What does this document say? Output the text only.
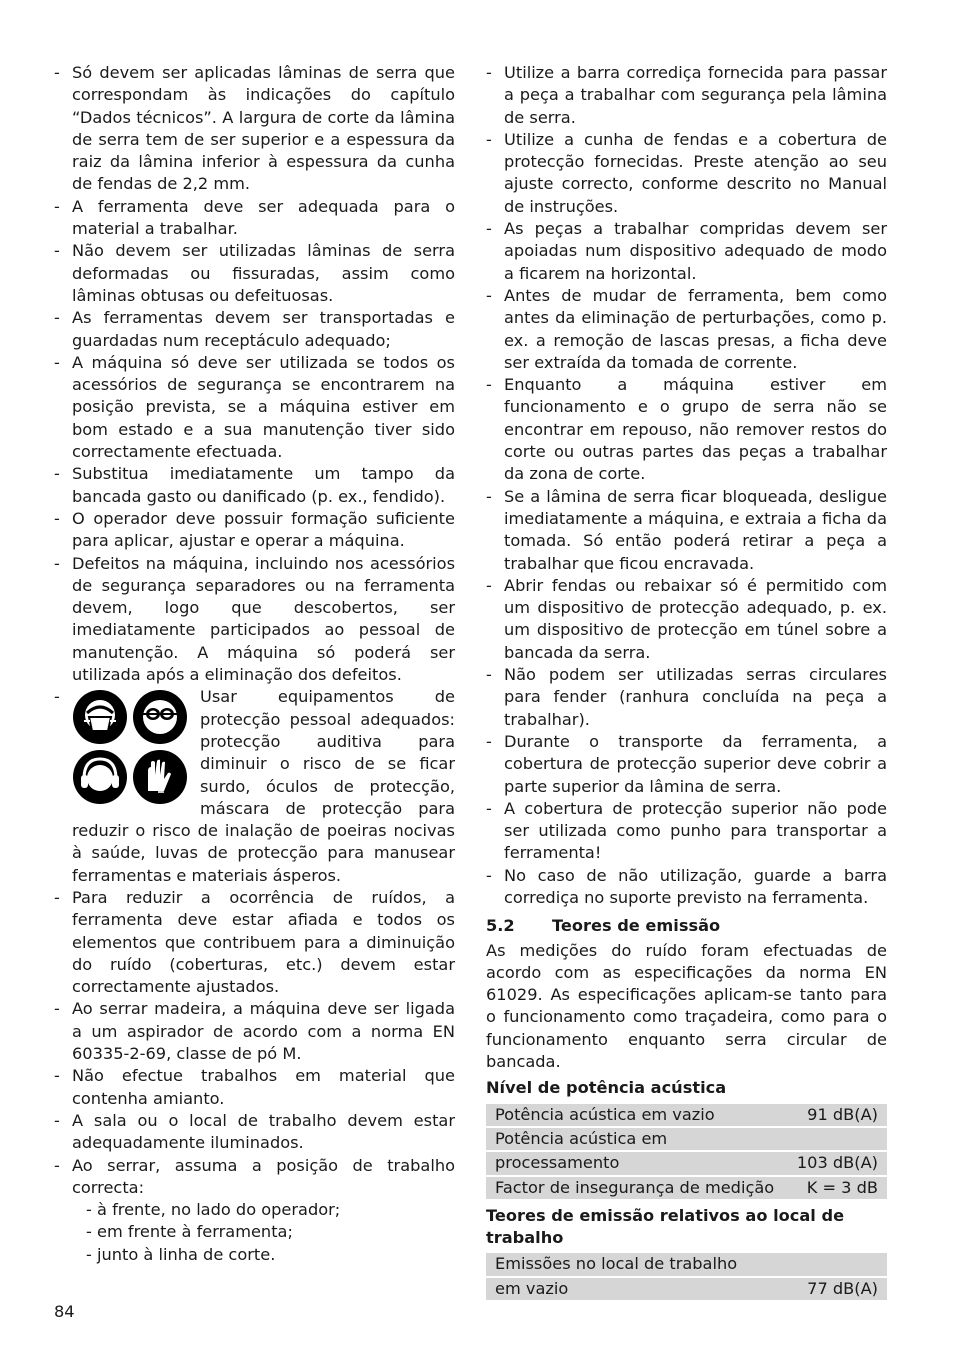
- Só devem ser aplicadas lâminas de serra que correspondam às indicações do capítulo “Dados técnicos”. A largura de corte da lâmina de serra tem de ser superior e a espessura da raiz da lâmina inferior à espessura da cunha de fendas de 2,2 mm.
- A ferramenta deve ser adequada para o material a trabalhar.
- Não devem ser utilizadas lâminas de serra deformadas ou fissuradas, assim como lâminas obtusas ou defeituosas.
- As ferramentas devem ser transportadas e guardadas num receptáculo adequado;
- A máquina só deve ser utilizada se todos os acessórios de segurança se encontrarem na posição prevista, se a máquina estiver em bom estado e a sua manutenção tiver sido correctamente efectuada.
- Substitua imediatamente um tampo da bancada gasto ou danificado (p. ex., fendido).
- O operador deve possuir formação suficiente para aplicar, ajustar e operar a máquina.
- Defeitos na máquina, incluindo nos acessórios de segurança separadores ou na ferramenta devem, logo que descobertos, ser imediatamente participados ao pessoal de manutenção. A máquina só poderá ser utilizada após a eliminação dos defeitos.
- Usar equipamentos de protecção pessoal adequados: protecção auditiva para diminuir o risco de se ficar surdo, óculos de protecção, máscara de protecção para reduzir o risco de inalação de poeiras nocivas à saúde, luvas de protecção para manusear ferramentas e materiais ásperos.
- Para reduzir a ocorrência de ruídos, a ferramenta deve estar afiada e todos os elementos que contribuem para a diminuição do ruído (coberturas, etc.) devem estar correctamente ajustados.
- Ao serrar madeira, a máquina deve ser ligada a um aspirador de acordo com a norma EN 60335-2-69, classe de pó M.
- Não efectue trabalhos em material que contenha amianto.
- A sala ou o local de trabalho devem estar adequadamente iluminados.
- Ao serrar, assuma a posição de trabalho correcta:
- à frente, no lado do operador;
- em frente à ferramenta;
- junto à linha de corte.
- Utilize a barra corrediça fornecida para passar a peça a trabalhar com segurança pela lâmina de serra.
- Utilize a cunha de fendas e a cobertura de protecção fornecidas. Preste atenção ao seu ajuste correcto, conforme descrito no Manual de instruções.
- As peças a trabalhar compridas devem ser apoiadas num dispositivo adequado de modo a ficarem na horizontal.
- Antes de mudar de ferramenta, bem como antes da eliminação de perturbações, como p. ex. a remoção de lascas presas, a ficha deve ser extraída da tomada de corrente.
- Enquanto a máquina estiver em funcionamento e o grupo de serra não se encontrar em repouso, não remover restos do corte ou outras partes das peças a trabalhar da zona de corte.
- Se a lâmina de serra ficar bloqueada, desligue imediatamente a máquina, e extraia a ficha da tomada. Só então poderá retirar a peça a trabalhar que ficou encravada.
- Abrir fendas ou rebaixar só é permitido com um dispositivo de protecção adequado, p. ex. um dispositivo de protecção em túnel sobre a bancada da serra.
- Não podem ser utilizadas serras circulares para fender (ranhura concluída na peça a trabalhar).
- Durante o transporte da ferramenta, a cobertura de protecção superior deve cobrir a parte superior da lâmina de serra.
- A cobertura de protecção superior não pode ser utilizada como punho para transportar a ferramenta!
- No caso de não utilização, guarde a barra corrediça no suporte previsto na ferramenta.
5.2 Teores de emissão

As medições do ruído foram efectuadas de acordo com as especificações da norma EN 61029. As especificações aplicam-se tanto para o funcionamento como traçadeira, como para o funcionamento enquanto serra circular de bancada.

Nível de potência acústica
Potência acústica em vazio	91 dB(A)
Potência acústica em	
processamento	103 dB(A)
Factor de insegurança de medição	K = 3 dB
Teores de emissão relativos ao local de trabalho
Emissões no local de trabalho	
em vazio	77 dB(A)
84
